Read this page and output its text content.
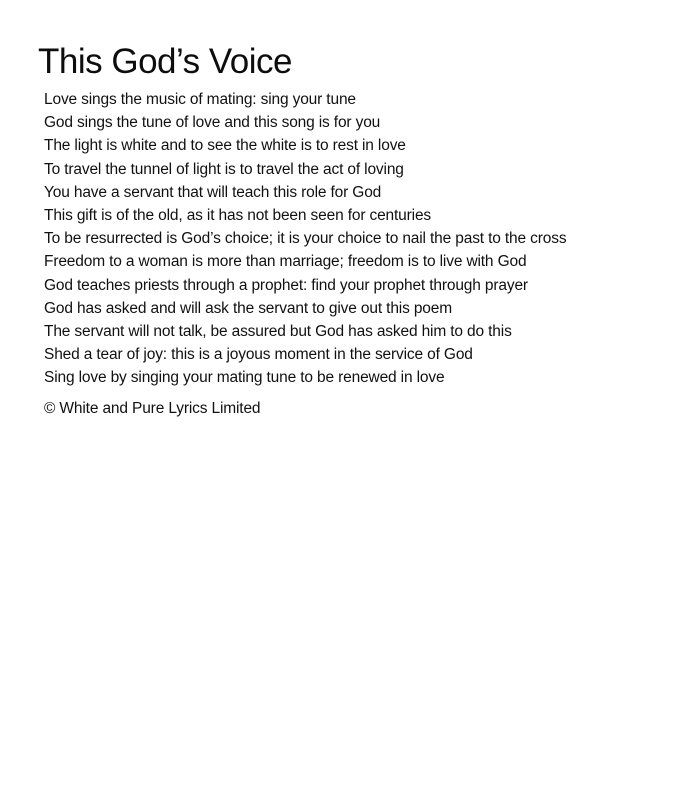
This God’s Voice
Love sings the music of mating: sing your tune
God sings the tune of love and this song is for you
The light is white and to see the white is to rest in love
To travel the tunnel of light is to travel the act of loving
You have a servant that will teach this role for God
This gift is of the old, as it has not been seen for centuries
To be resurrected is God’s choice; it is your choice to nail the past to the cross
Freedom to a woman is more than marriage; freedom is to live with God
God teaches priests through a prophet: find your prophet through prayer
God has asked and will ask the servant to give out this poem
The servant will not talk, be assured but God has asked him to do this
Shed a tear of joy: this is a joyous moment in the service of God
Sing love by singing your mating tune to be renewed in love

© White and Pure Lyrics Limited
